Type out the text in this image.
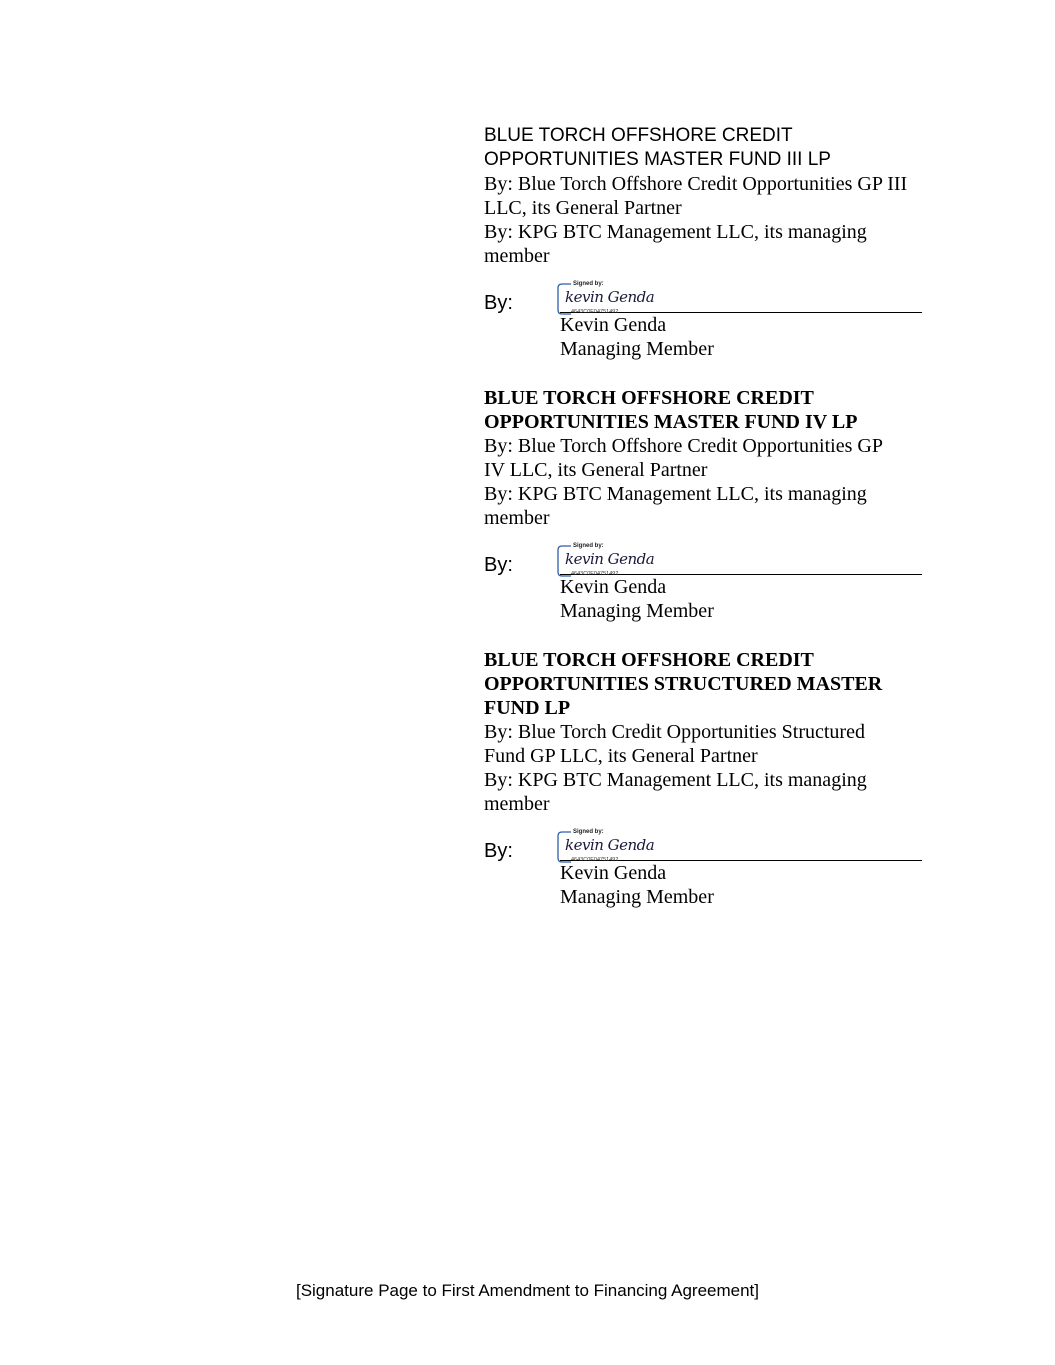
BLUE TORCH OFFSHORE CREDIT
OPPORTUNITIES MASTER FUND III LP
By: Blue Torch Offshore Credit Opportunities GP III
LLC, its General Partner
By: KPG BTC Management LLC, its managing
member
By:
Signed by:
kevin Genda
4643C0E04751492
Kevin Genda
Managing Member
BLUE TORCH OFFSHORE CREDIT
OPPORTUNITIES MASTER FUND IV LP
By: Blue Torch Offshore Credit Opportunities GP
IV LLC, its General Partner
By: KPG BTC Management LLC, its managing
member
By:
Signed by:
kevin Genda
4643C0E04751492
Kevin Genda
Managing Member
BLUE TORCH OFFSHORE CREDIT
OPPORTUNITIES STRUCTURED MASTER
FUND LP
By: Blue Torch Credit Opportunities Structured
Fund GP LLC, its General Partner
By: KPG BTC Management LLC, its managing
member
By:
Signed by:
kevin Genda
4643C0E04751492
Kevin Genda
Managing Member
[Signature Page to First Amendment to Financing Agreement]
